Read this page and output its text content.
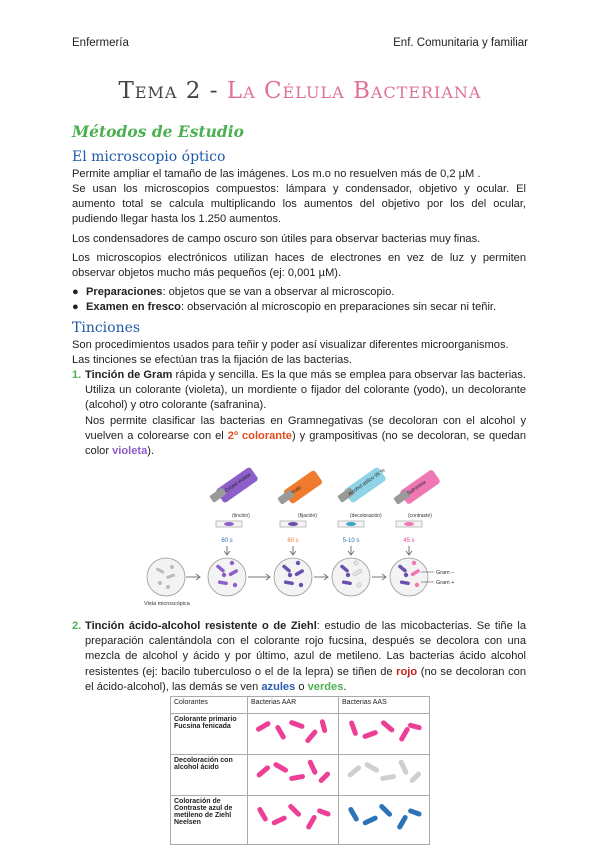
Enfermería	Enf. Comunitaria y familiar
Tema 2 - La Célula Bacteriana
Métodos de Estudio
El microscopio óptico
Permite ampliar el tamaño de las imágenes. Los m.o no resuelven más de 0,2 µM .
Se usan los microscopios compuestos: lámpara y condensador, objetivo y ocular. El aumento total se calcula multiplicando los aumentos del objetivo por los del ocular, pudiendo llegar hasta los 1.250 aumentos.
Los condensadores de campo oscuro son útiles para observar bacterias muy finas.
Los microscopios electrónicos utilizan haces de electrones en vez de luz y permiten observar objetos mucho más pequeños (ej: 0,001 µM).
● Preparaciones: objetos que se van a observar al microscopio.
● Examen en fresco: observación al microscopio en preparaciones sin secar ni teñir.
Tinciones
Son procedimientos usados para teñir y poder así visualizar diferentes microorganismos.
Las tinciones se efectúan tras la fijación de las bacterias.
1. Tinción de Gram rápida y sencilla. Es la que más se emplea para observar las bacterias. Utiliza un colorante (violeta), un mordiente o fijador del colorante (yodo), un decolorante (alcohol) y otro colorante (safranina).
Nos permite clasificar las bacterias en Gramnegativas (se decoloran con el alcohol y vuelven a colorearse con el 2º colorante) y grampositivas (no se decoloran, se quedan color violeta).
Cristal violeta	Yodo	Alcohol etílico 95 %	Safranina
(tinción)	(fijación)	(decoloración)	(contraste)
60 s	60 s	5-10 s	45 s
Gram –
Gram +
Vista microscópica
2. Tinción ácido-alcohol resistente o de Ziehl: estudio de las micobacterias. Se tiñe la preparación calentándola con el colorante rojo fucsina, después se decolora con una mezcla de alcohol y ácido y por último, azul de metileno. Las bacterias ácido alcohol resistentes (ej: bacilo tuberculoso o el de la lepra) se tiñen de rojo (no se decoloran con el ácido-alcohol), las demás se ven azules o verdes.
Colorantes	Bacterias AAR	Bacterias AAS
Colorante primario Fucsina fenicada		
Decoloración con alcohol ácido		
Coloración de Contraste azul de metileno de Ziehl Neelsen		
